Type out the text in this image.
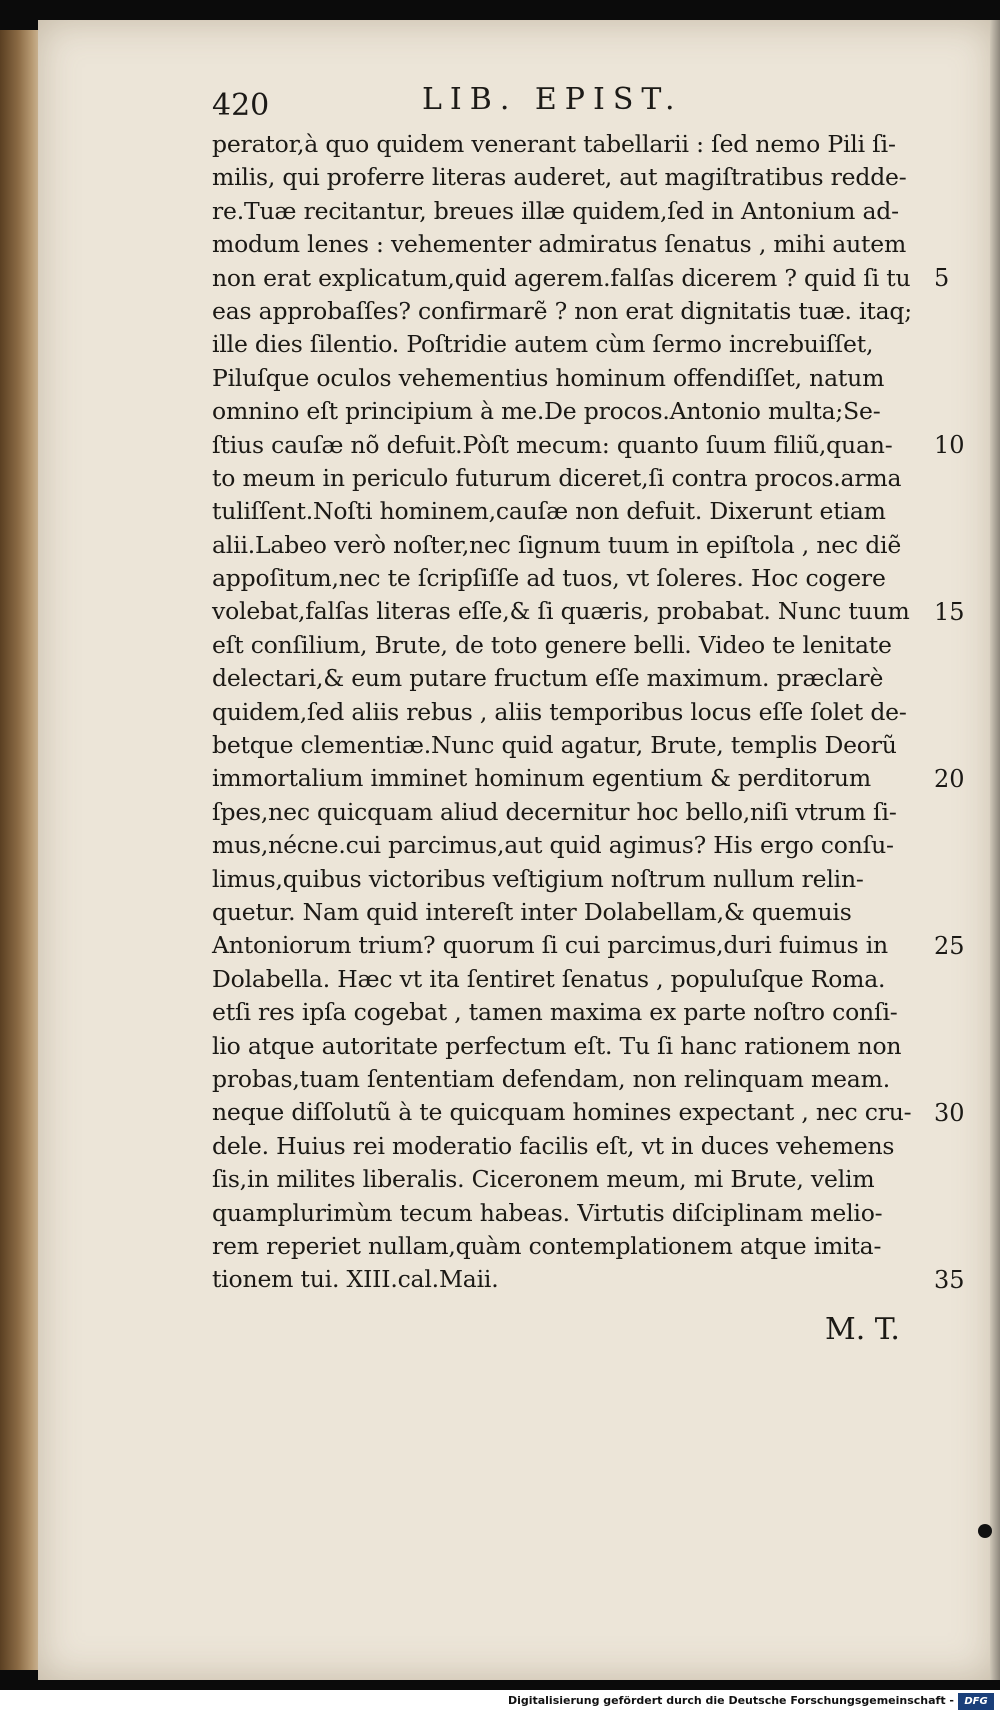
420	LIB. EPIST.
perator,à quo quidem venerant tabellarii : ſed nemo Pili ſi-
milis, qui proferre literas auderet, aut magiſtratibus redde-
re.Tuæ recitantur, breues illæ quidem,ſed in Antonium ad-
modum lenes : vehementer admiratus ſenatus , mihi autem
non erat explicatum,quid agerem.falſas dicerem ? quid ſi tu
eas approbaſſes? confirmarẽ ? non erat dignitatis tuæ. itaq;
ille dies ſilentio. Poſtridie autem cùm ſermo increbuiſſet,
Piluſque oculos vehementius hominum offendiſſet, natum
omnino eſt principium à me.De procos.Antonio multa;Se-
ſtius cauſæ nõ defuit.Pòſt mecum: quanto ſuum filiũ,quan-
to meum in periculo futurum diceret,ſi contra procos.arma
tuliſſent.Noſti hominem,cauſæ non defuit. Dixerunt etiam
alii.Labeo verò noſter,nec ſignum tuum in epiſtola , nec diẽ
appoſitum,nec te ſcripſiſſe ad tuos, vt ſoleres. Hoc cogere
volebat,falſas literas eſſe,& ſi quæris, probabat. Nunc tuum
eſt conſilium, Brute, de toto genere belli. Video te lenitate
delectari,& eum putare fructum eſſe maximum. præclarè
quidem,ſed aliis rebus , aliis temporibus locus eſſe ſolet de-
betque clementiæ.Nunc quid agatur, Brute, templis Deorũ
immortalium imminet hominum egentium & perditorum
ſpes,nec quicquam aliud decernitur hoc bello,niſi vtrum ſi-
mus,nécne.cui parcimus,aut quid agimus? His ergo conſu-
limus,quibus victoribus veſtigium noſtrum nullum relin-
quetur. Nam quid intereſt inter Dolabellam,& quemuis
Antoniorum trium? quorum ſi cui parcimus,duri fuimus in
Dolabella. Hæc vt ita ſentiret ſenatus , populuſque Roma.
etſi res ipſa cogebat , tamen maxima ex parte noſtro conſi-
lio atque autoritate perfectum eſt. Tu ſi hanc rationem non
probas,tuam ſententiam defendam, non relinquam meam.
neque diſſolutũ à te quicquam homines expectant , nec cru-
dele. Huius rei moderatio facilis eſt, vt in duces vehemens
ſis,in milites liberalis. Ciceronem meum, mi Brute, velim
quamplurimùm tecum habeas. Virtutis diſciplinam melio-
rem reperiet nullam,quàm contemplationem atque imita-
tionem tui. XIII.cal.Maii.
5
10
15
20
25
30
35
M. T.
Digitalisierung gefördert durch die Deutsche Forschungsgemeinschaft -	DFG
